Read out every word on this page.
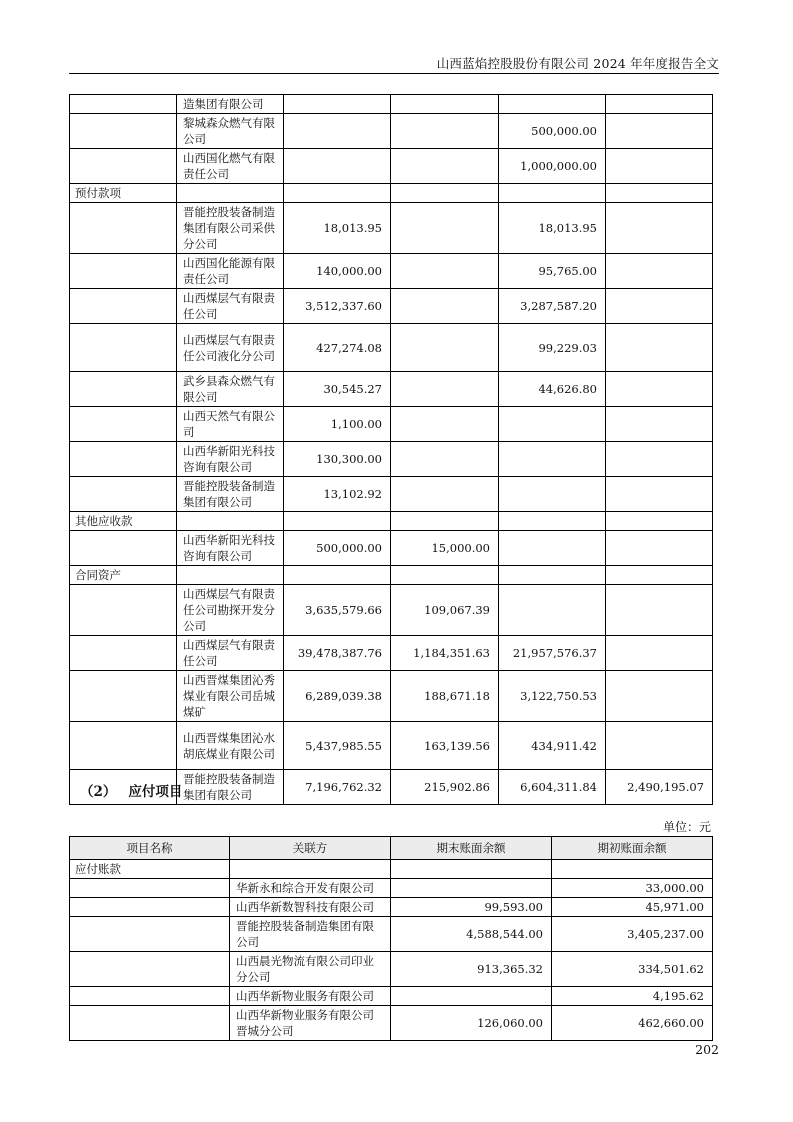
山西蓝焰控股股份有限公司 2024 年年度报告全文
	造集团有限公司				
	黎城森众燃气有限公司			500,000.00	
	山西国化燃气有限责任公司			1,000,000.00	
预付款项					
	晋能控股装备制造集团有限公司采供分公司	18,013.95		18,013.95	
	山西国化能源有限责任公司	140,000.00		95,765.00	
	山西煤层气有限责任公司	3,512,337.60		3,287,587.20	
	山西煤层气有限责任公司液化分公司	427,274.08		99,229.03	
	武乡县森众燃气有限公司	30,545.27		44,626.80	
	山西天然气有限公司	1,100.00			
	山西华新阳光科技咨询有限公司	130,300.00			
	晋能控股装备制造集团有限公司	13,102.92			
其他应收款					
	山西华新阳光科技咨询有限公司	500,000.00	15,000.00		
合同资产					
	山西煤层气有限责任公司勘探开发分公司	3,635,579.66	109,067.39		
	山西煤层气有限责任公司	39,478,387.76	1,184,351.63	21,957,576.37	
	山西晋煤集团沁秀煤业有限公司岳城煤矿	6,289,039.38	188,671.18	3,122,750.53	
	山西晋煤集团沁水胡底煤业有限公司	5,437,985.55	163,139.56	434,911.42	
	晋能控股装备制造集团有限公司	7,196,762.32	215,902.86	6,604,311.84	2,490,195.07
（2） 应付项目
单位：元
项目名称	关联方	期末账面余额	期初账面余额
应付账款			
	华新永和综合开发有限公司		33,000.00
	山西华新数智科技有限公司	99,593.00	45,971.00
	晋能控股装备制造集团有限公司	4,588,544.00	3,405,237.00
	山西晨光物流有限公司印业分公司	913,365.32	334,501.62
	山西华新物业服务有限公司		4,195.62
	山西华新物业服务有限公司晋城分公司	126,060.00	462,660.00
202
